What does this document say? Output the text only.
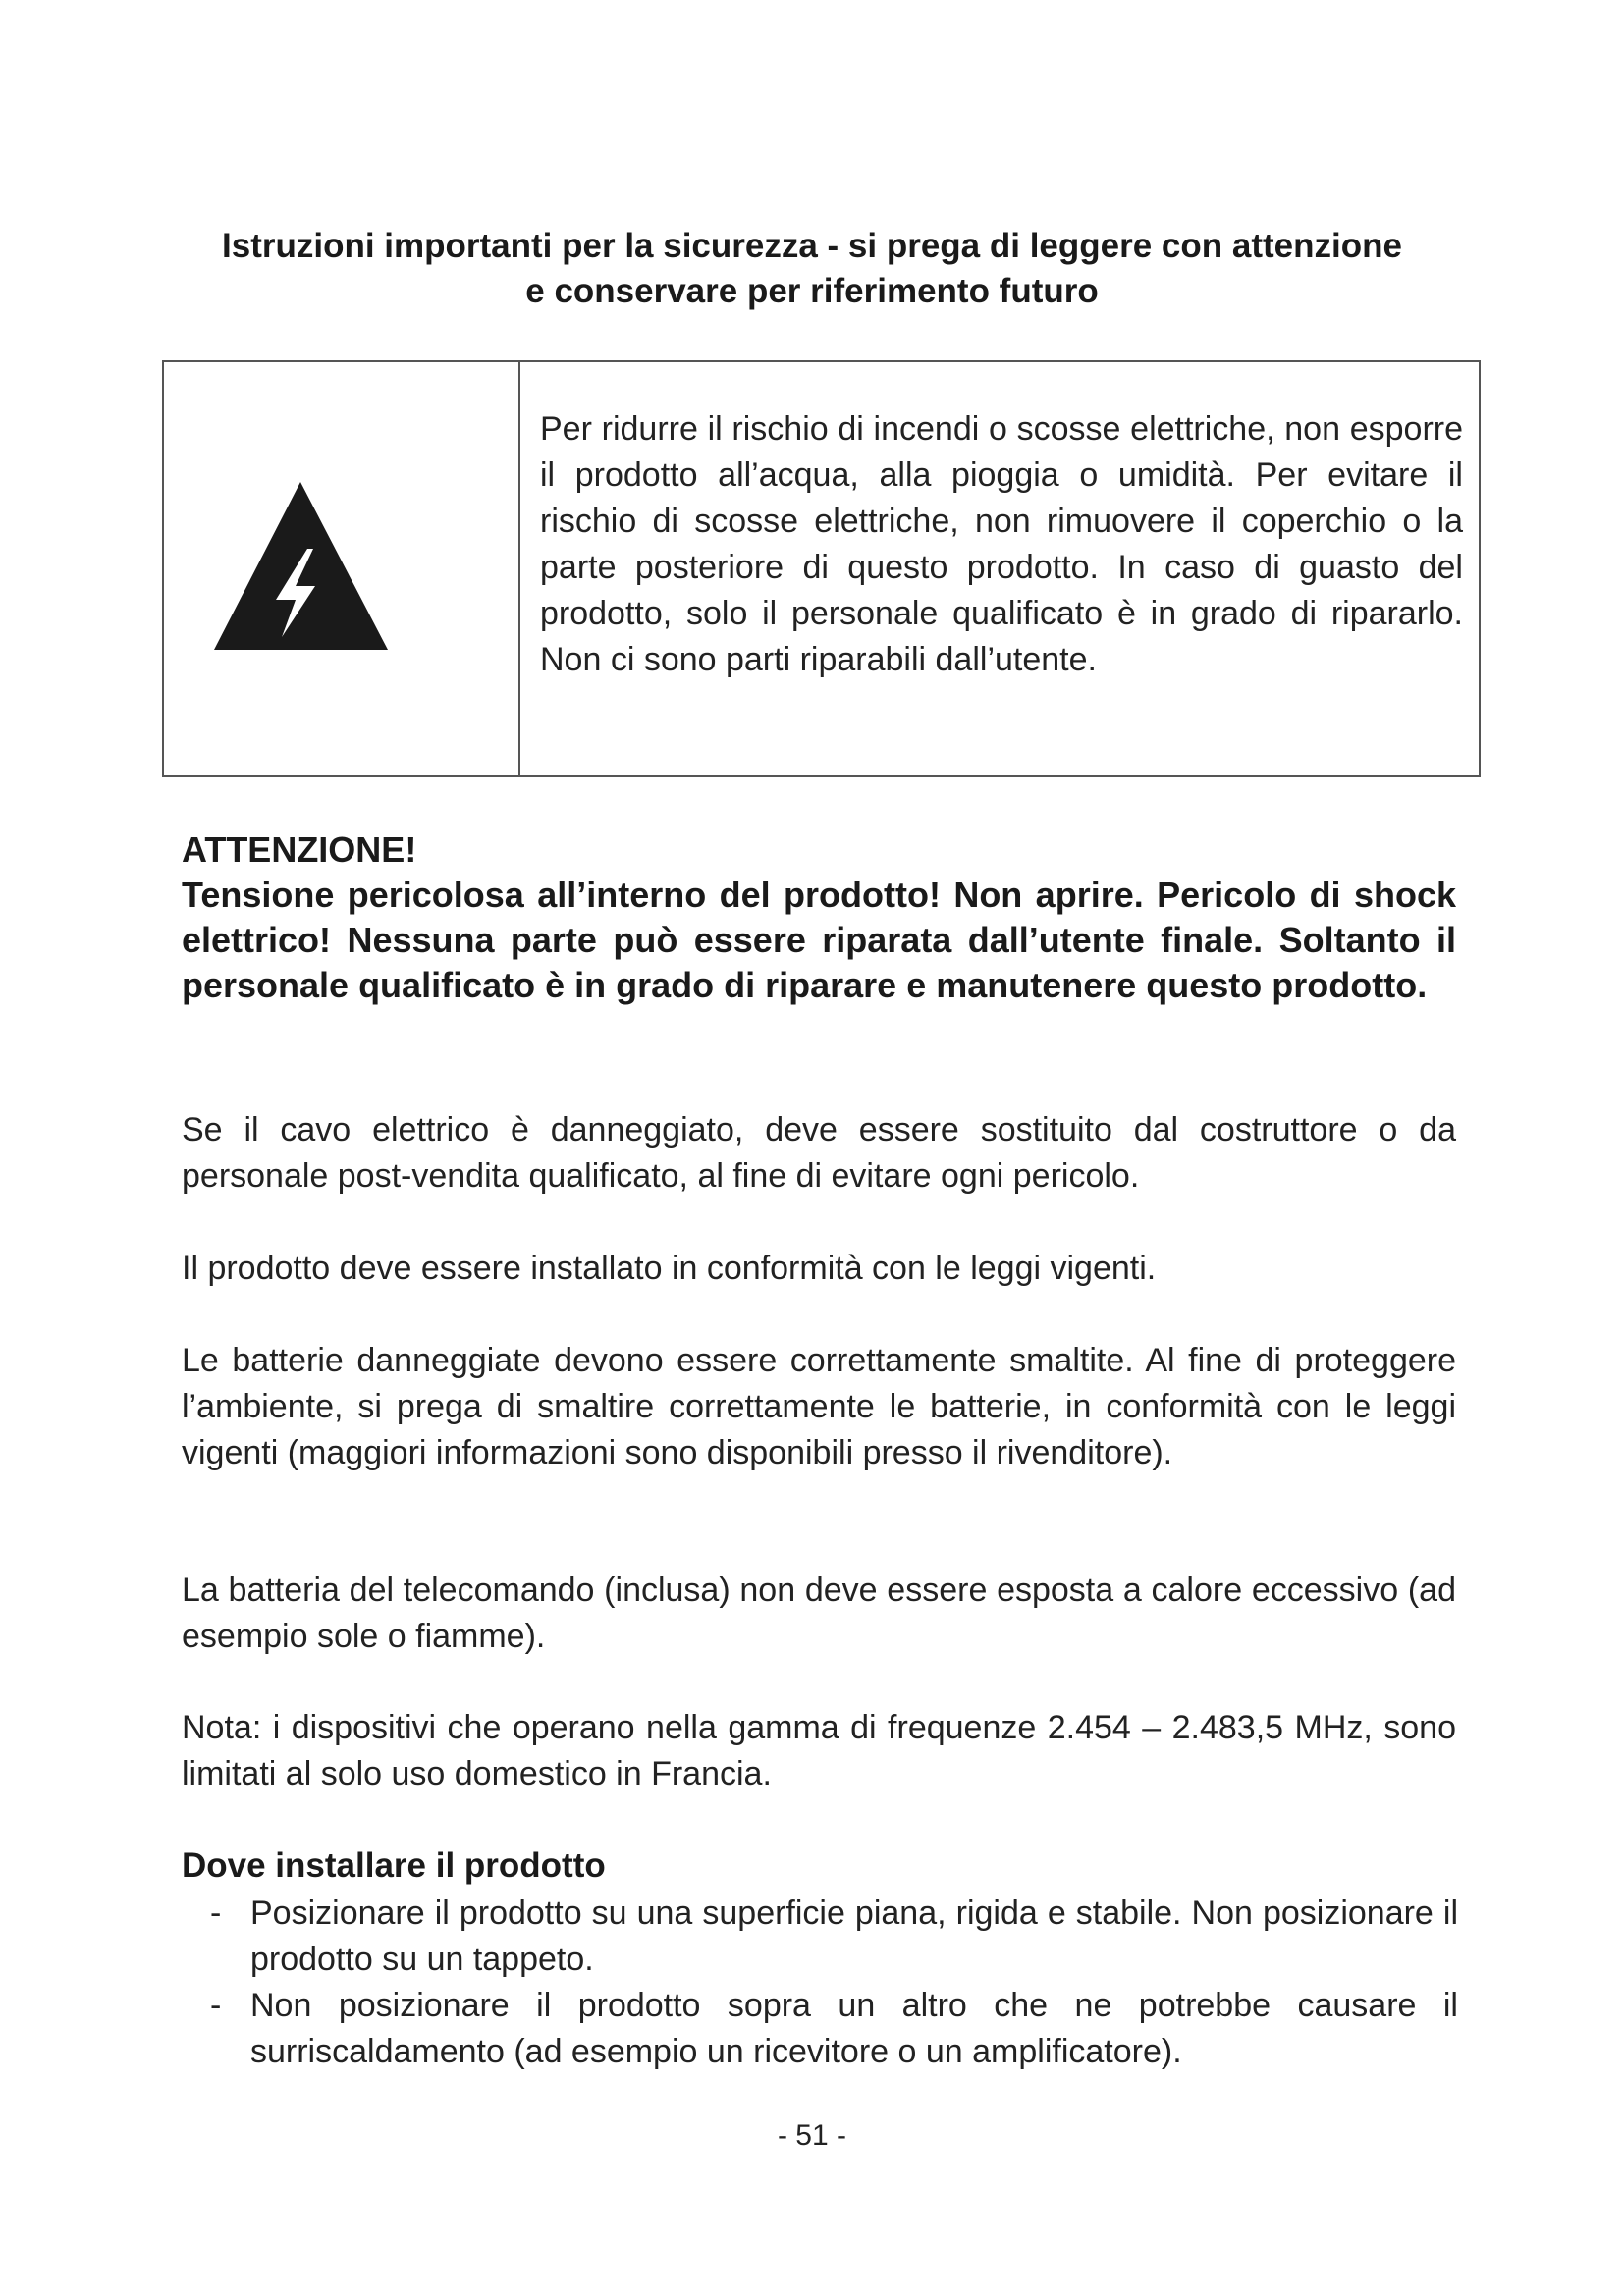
Istruzioni importanti per la sicurezza - si prega di leggere con attenzione
e conservare per riferimento futuro
Per ridurre il rischio di incendi o scosse elettriche, non esporre il prodotto all’acqua, alla pioggia o umidità. Per evitare il rischio di scosse elettriche, non rimuovere il coperchio o la parte posteriore di questo prodotto. In caso di guasto del prodotto, solo il personale qualificato è in grado di ripararlo. Non ci sono parti riparabili dall’utente.
ATTENZIONE!
Tensione pericolosa all’interno del prodotto! Non aprire. Pericolo di shock elettrico! Nessuna parte può essere riparata dall’utente finale. Soltanto il personale qualificato è in grado di riparare e manutenere questo prodotto.
Se il cavo elettrico è danneggiato, deve essere sostituito dal costruttore o da personale post-vendita qualificato, al fine di evitare ogni pericolo.
Il prodotto deve essere installato in conformità con le leggi vigenti.
Le batterie danneggiate devono essere correttamente smaltite. Al fine di proteggere l’ambiente, si prega di smaltire correttamente le batterie, in conformità con le leggi vigenti (maggiori informazioni sono disponibili presso il rivenditore).
La batteria del telecomando (inclusa) non deve essere esposta a calore eccessivo (ad esempio sole o fiamme).
Nota: i dispositivi che operano nella gamma di frequenze 2.454 – 2.483,5 MHz, sono limitati al solo uso domestico in Francia.
Dove installare il prodotto
- Posizionare il prodotto su una superficie piana, rigida e stabile. Non posizionare il prodotto su un tappeto.
- Non posizionare il prodotto sopra un altro che ne potrebbe causare il surriscaldamento (ad esempio un ricevitore o un amplificatore).
- 51 -
